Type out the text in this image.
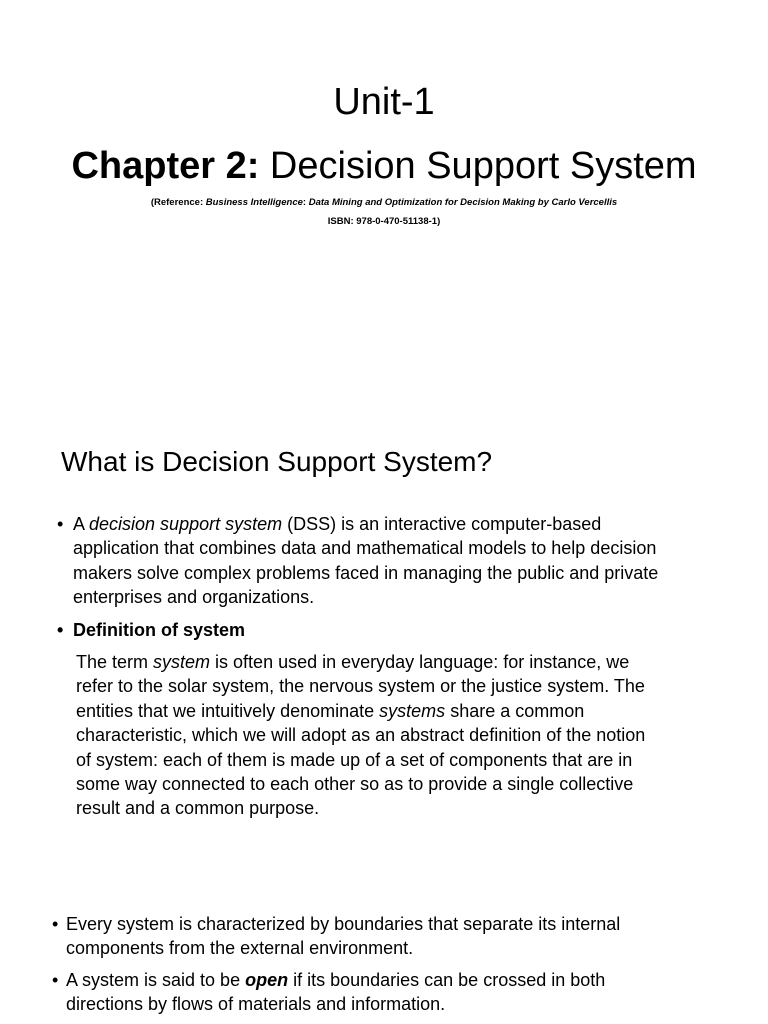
Unit-1
Chapter 2: Decision Support System
(Reference: Business Intelligence: Data Mining and Optimization for Decision Making by Carlo Vercellis
ISBN: 978-0-470-51138-1)
What is Decision Support System?
• A decision support system (DSS) is an interactive computer-based
application that combines data and mathematical models to help decision
makers solve complex problems faced in managing the public and private
enterprises and organizations.
• Definition of system
The term system is often used in everyday language: for instance, we
refer to the solar system, the nervous system or the justice system. The
entities that we intuitively denominate systems share a common
characteristic, which we will adopt as an abstract definition of the notion
of system: each of them is made up of a set of components that are in
some way connected to each other so as to provide a single collective
result and a common purpose.
• Every system is characterized by boundaries that separate its internal
components from the external environment.
• A system is said to be open if its boundaries can be crossed in both
directions by flows of materials and information.
